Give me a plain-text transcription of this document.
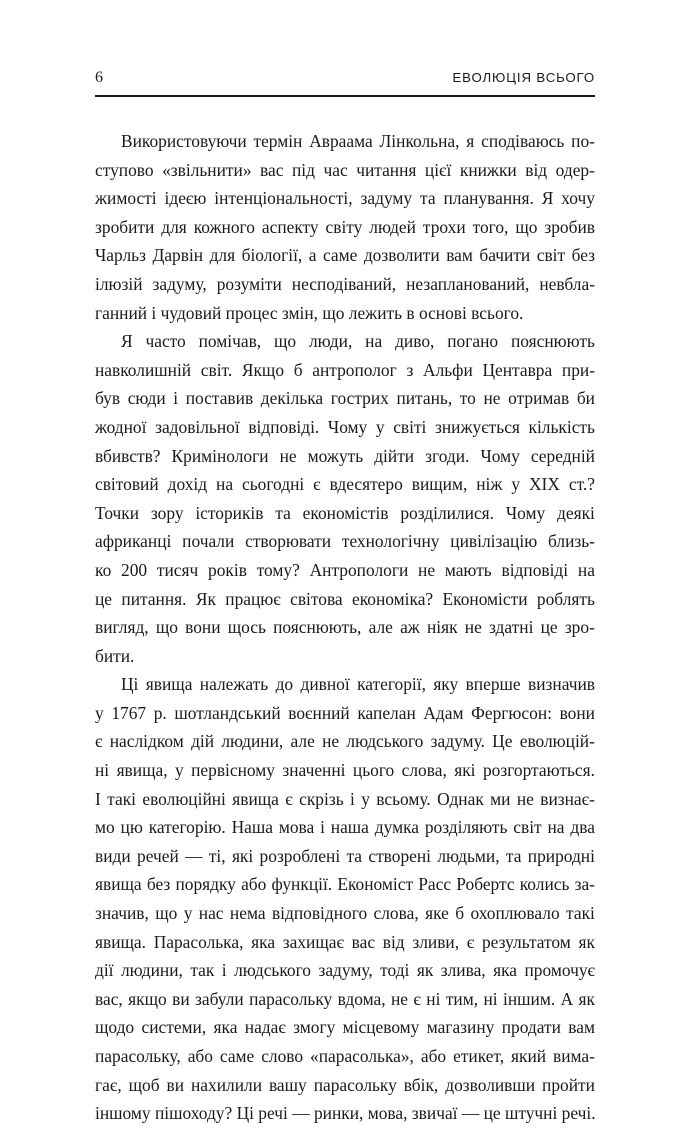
6	ЕВОЛЮЦІЯ ВСЬОГО
Використовуючи термін Авраама Лінкольна, я сподіваюсь по-
ступово «звільнити» вас під час читання цієї книжки від одер-
жимості ідеєю інтенціональності, задуму та планування. Я хочу
зробити для кожного аспекту світу людей трохи того, що зробив
Чарльз Дарвін для біології, а саме дозволити вам бачити світ без
ілюзій задуму, розуміти несподіваний, незапланований, невбла-
ганний і чудовий процес змін, що лежить в основі всього.
Я часто помічав, що люди, на диво, погано пояснюють
навколишній світ. Якщо б антрополог з Альфи Центавра при-
був сюди і поставив декілька гострих питань, то не отримав би
жодної задовільної відповіді. Чому у світі знижується кількість
вбивств? Кримінологи не можуть дійти згоди. Чому середній
світовий дохід на сьогодні є вдесятеро вищим, ніж у XIX ст.?
Точки зору істориків та економістів розділилися. Чому деякі
африканці почали створювати технологічну цивілізацію близь-
ко 200 тисяч років тому? Антропологи не мають відповіді на
це питання. Як працює світова економіка? Економісти роблять
вигляд, що вони щось пояснюють, але аж ніяк не здатні це зро-
бити.
Ці явища належать до дивної категорії, яку вперше визначив
у 1767 р. шотландський воєнний капелан Адам Фергюсон: вони
є наслідком дій людини, але не людського задуму. Це еволюцій-
ні явища, у первісному значенні цього слова, які розгортаються.
І такі еволюційні явища є скрізь і у всьому. Однак ми не визнає-
мо цю категорію. Наша мова і наша думка розділяють світ на два
види речей — ті, які розроблені та створені людьми, та природні
явища без порядку або функції. Економіст Расс Робертс колись за-
значив, що у нас нема відповідного слова, яке б охоплювало такі
явища. Парасолька, яка захищає вас від зливи, є результатом як
дії людини, так і людського задуму, тоді як злива, яка промочує
вас, якщо ви забули парасольку вдома, не є ні тим, ні іншим. А як
щодо системи, яка надає змогу місцевому магазину продати вам
парасольку, або саме слово «парасолька», або етикет, який вима-
гає, щоб ви нахилили вашу парасольку вбік, дозволивши пройти
іншому пішоходу? Ці речі — ринки, мова, звичаї — це штучні речі.
